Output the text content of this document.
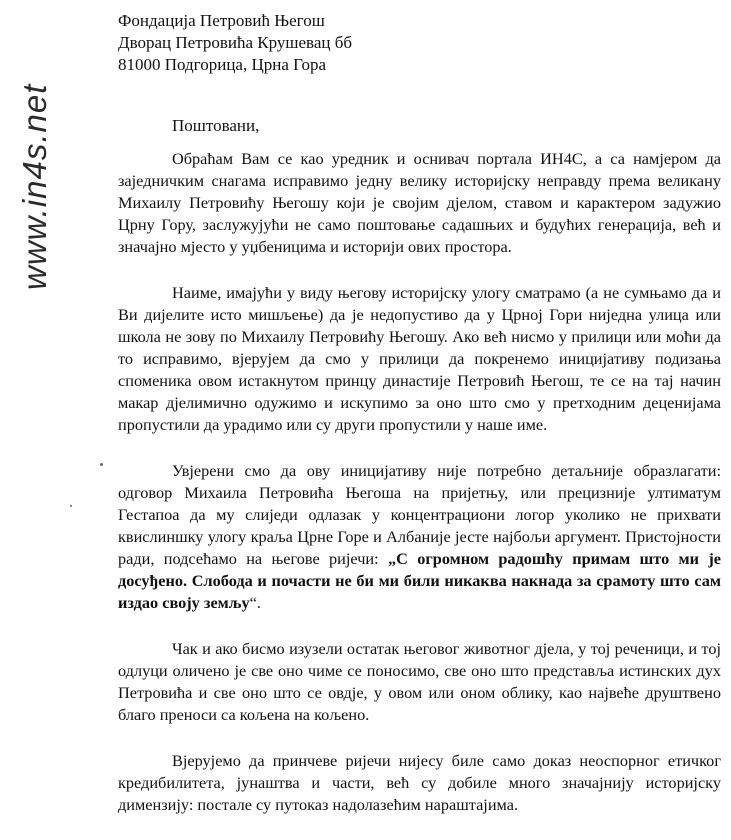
www.in4s.net
Фондација Петровић Његош
Дворац Петровића Крушевац бб
81000 Подгорица, Црна Гора
Поштовани,

Обраћам Вам се као уредник и оснивач портала ИН4С, а са намјером да заједничким снагама исправимо једну велику историјску неправду према великану Михаилу Петровићу Његошу који је својим дјелом, ставом и карактером задужио Црну Гору, заслужујући не само поштовање садашњих и будућих генерација, већ и значајно мјесто у уџбеницима и историји ових простора.

Наиме, имајући у виду његову историјску улогу сматрамо (а не сумњамо да и Ви дијелите исто мишљење) да је недопустиво да у Црној Гори ниједна улица или школа не зову по Михаилу Петровићу Његошу. Ако већ нисмо у прилици или моћи да то исправимо, вјерујем да смо у прилици да покренемо иницијативу подизања споменика овом истакнутом принцу династије Петровић Његош, те се на тај начин макар дјелимично одужимо и искупимо за оно што смо у претходним деценијама пропустили да урадимо или су други пропустили у наше име.

Увјерени смо да ову иницијативу није потребно детаљније образлагати: одговор Михаила Петровића Његоша на пријетњу, или прецизније ултиматум Гестапоа да му слиједи одлазак у концентрациони логор уколико не прихвати квислиншку улогу краља Црне Горе и Албаније јесте најбољи аргумент. Пристојности ради, подсећамо на његове ријечи: „С огромном радошћу примам што ми је досуђено. Слобода и почасти не би ми били никаква накнада за срамоту што сам издао своју земљу“.

Чак и ако бисмо изузели остатак његовог животног дјела, у тој реченици, и тој одлуци оличено је све оно чиме се поносимо, све оно што представља истинских дух Петровића и све оно што се овдје, у овом или оном облику, као највеће друштвено благо преноси са кољена на кољено.

Вјерујемо да принчеве ријечи нијесу биле само доказ неоспорног етичког кредибилитета, јунаштва и части, већ су добиле много значајнију историјску димензију: постале су путоказ надолазећим нараштајима.
